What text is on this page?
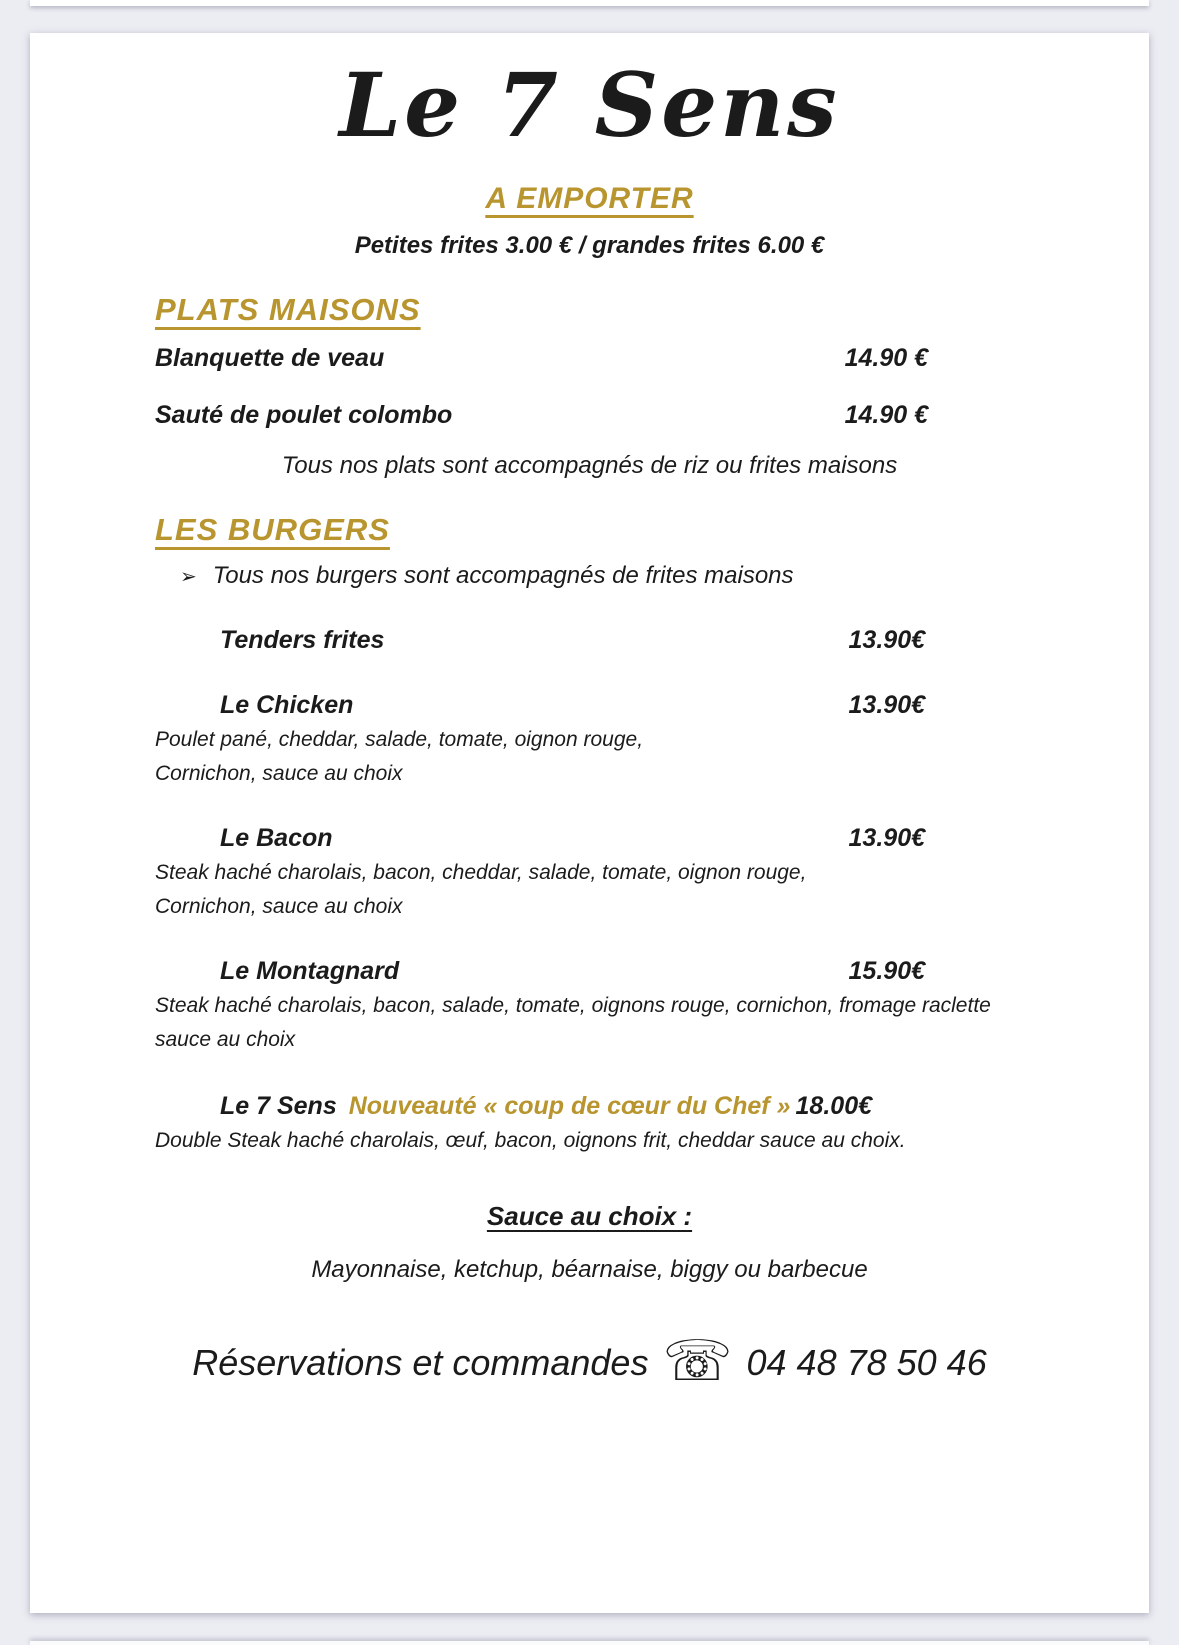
Le 7 Sens
A EMPORTER
Petites frites 3.00 € / grandes frites 6.00 €
PLATS MAISONS
Blanquette de veau	14.90 €
Sauté de poulet colombo	14.90 €
Tous nos plats sont accompagnés de riz ou frites maisons
LES BURGERS
➢ Tous nos burgers sont accompagnés de frites maisons
Tenders frites	13.90€
Le Chicken	13.90€
Poulet pané, cheddar, salade, tomate, oignon rouge,
Cornichon, sauce au choix
Le Bacon	13.90€
Steak haché charolais, bacon, cheddar, salade, tomate, oignon rouge,
Cornichon, sauce au choix
Le Montagnard	15.90€
Steak haché charolais, bacon, salade, tomate, oignons rouge, cornichon, fromage raclette
sauce au choix
Le 7 Sens Nouveauté « coup de cœur du Chef » 18.00€
Double Steak haché charolais, œuf, bacon, oignons frit, cheddar sauce au choix.
Sauce au choix :
Mayonnaise, ketchup, béarnaise, biggy ou barbecue
Réservations et commandes ☏ 04 48 78 50 46
